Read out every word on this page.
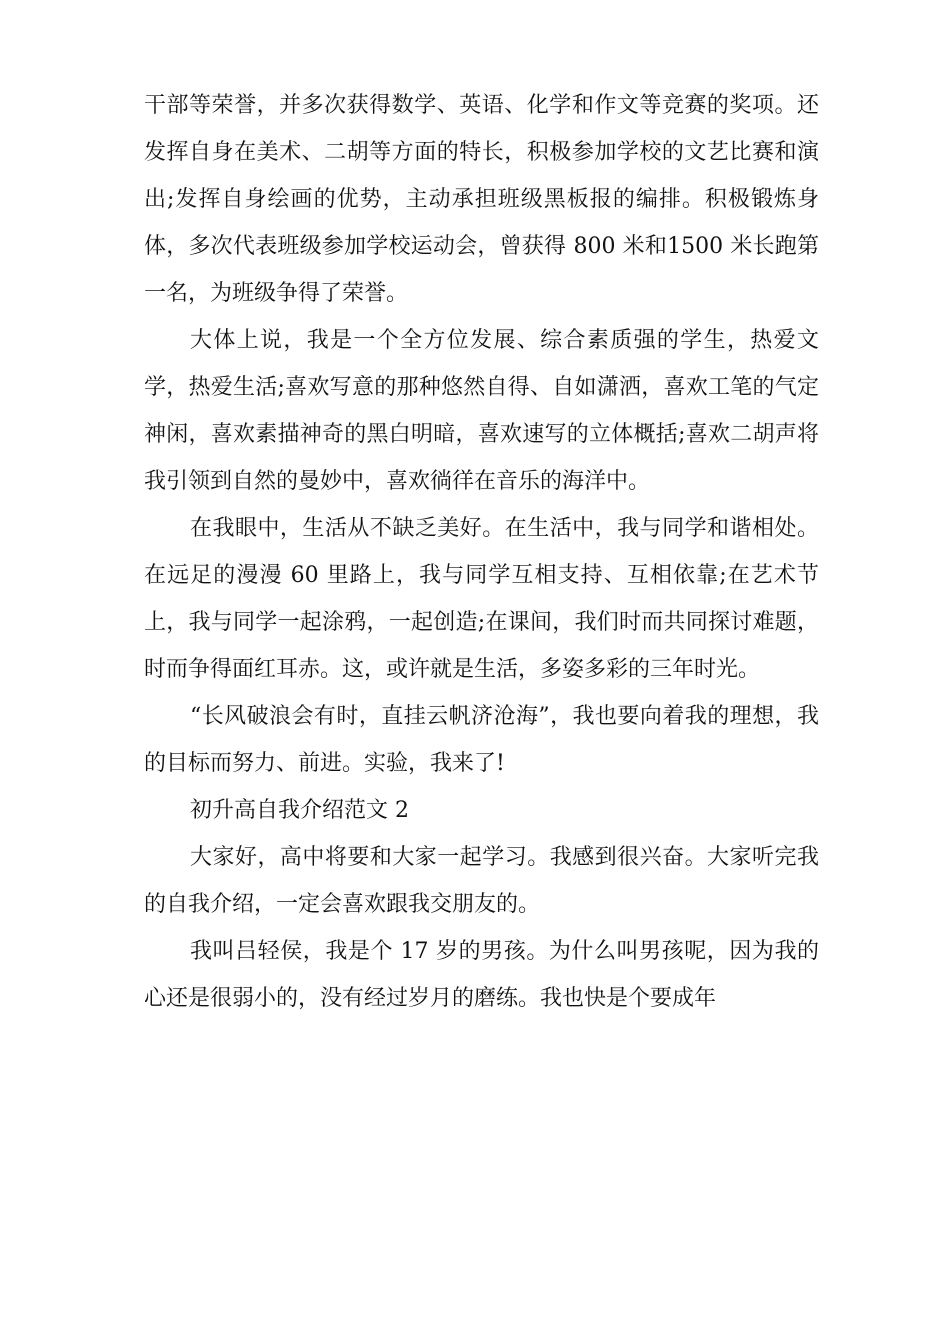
干部等荣誉，并多次获得数学、英语、化学和作文等竞赛的奖项。还发挥自身在美术、二胡等方面的特长，积极参加学校的文艺比赛和演出;发挥自身绘画的优势，主动承担班级黑板报的编排。积极锻炼身体，多次代表班级参加学校运动会，曾获得 800 米和1500 米长跑第一名，为班级争得了荣誉。

大体上说，我是一个全方位发展、综合素质强的学生，热爱文学，热爱生活;喜欢写意的那种悠然自得、自如潇洒，喜欢工笔的气定神闲，喜欢素描神奇的黑白明暗，喜欢速写的立体概括;喜欢二胡声将我引领到自然的曼妙中，喜欢徜徉在音乐的海洋中。

在我眼中，生活从不缺乏美好。在生活中，我与同学和谐相处。在远足的漫漫 60 里路上，我与同学互相支持、互相依靠;在艺术节上，我与同学一起涂鸦，一起创造;在课间，我们时而共同探讨难题，时而争得面红耳赤。这，或许就是生活，多姿多彩的三年时光。

“长风破浪会有时，直挂云帆济沧海”，我也要向着我的理想，我的目标而努力、前进。实验，我来了!

初升高自我介绍范文 2

大家好，高中将要和大家一起学习。我感到很兴奋。大家听完我的自我介绍，一定会喜欢跟我交朋友的。

我叫吕轻侯，我是个 17 岁的男孩。为什么叫男孩呢，因为我的心还是很弱小的，没有经过岁月的磨练。我也快是个要成年
